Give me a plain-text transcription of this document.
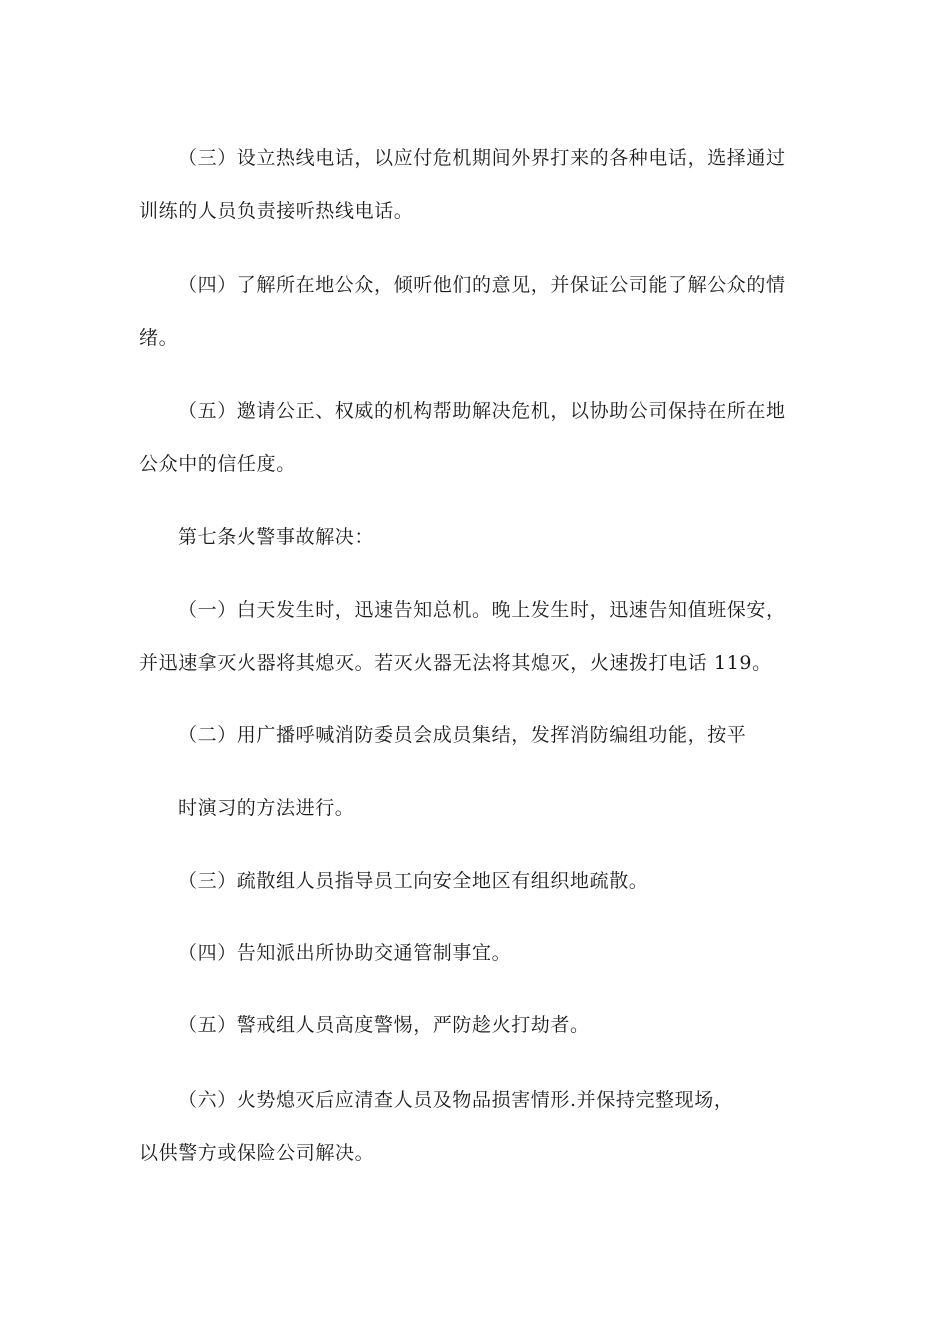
（三）设立热线电话，以应付危机期间外界打来的各种电话，选择通过
训练的人员负责接听热线电话。
（四）了解所在地公众，倾听他们的意见，并保证公司能了解公众的情
绪。
（五）邀请公正、权威的机构帮助解决危机，以协助公司保持在所在地
公众中的信任度。
第七条火警事故解决：
（一）白天发生时，迅速告知总机。晚上发生时，迅速告知值班保安，
并迅速拿灭火器将其熄灭。若灭火器无法将其熄灭，火速拨打电话 119。
（二）用广播呼喊消防委员会成员集结，发挥消防编组功能，按平
时演习的方法进行。
（三）疏散组人员指导员工向安全地区有组织地疏散。
（四）告知派出所协助交通管制事宜。
（五）警戒组人员高度警惕，严防趁火打劫者。
（六）火势熄灭后应清查人员及物品损害情形.并保持完整现场，
以供警方或保险公司解决。
